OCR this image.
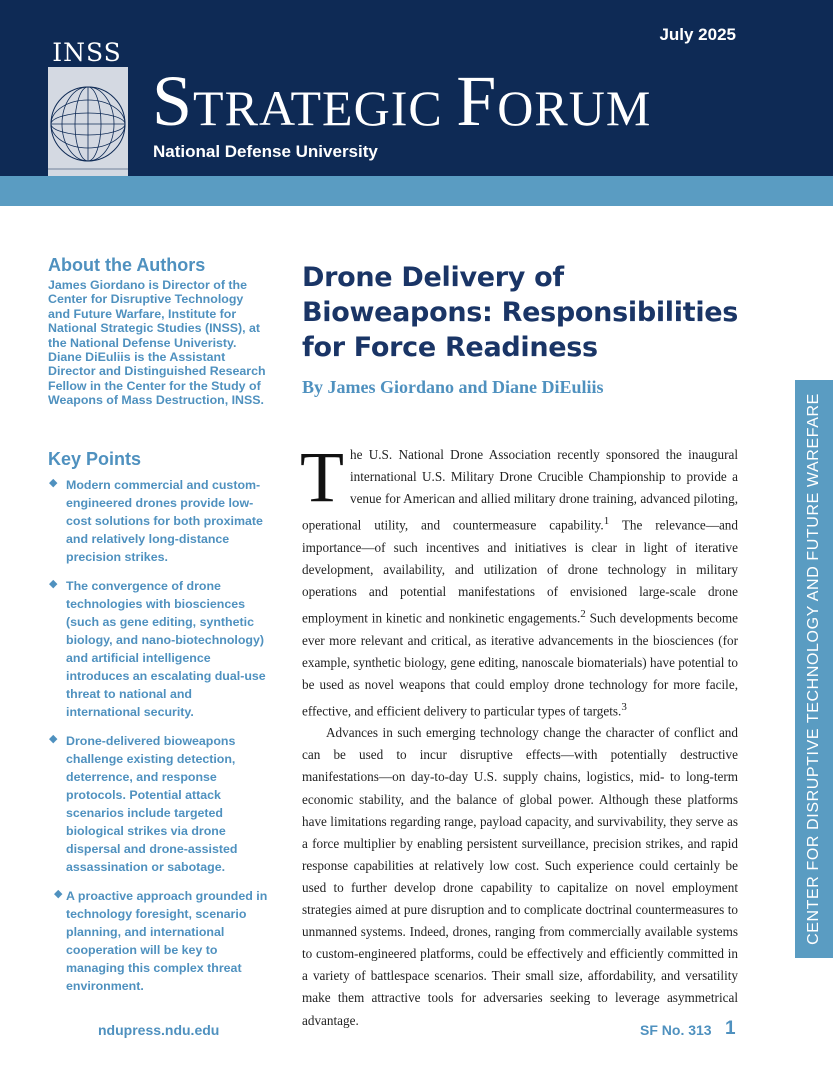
INSS
July 2025
STRATEGIC FORUM
National Defense University
About the Authors

James Giordano is Director of the Center for Disruptive Technology and Future Warfare, Institute for National Strategic Studies (INSS), at the National Defense Univeristy. Diane DiEuliis is the Assistant Director and Distinguished Research Fellow in the Center for the Study of Weapons of Mass Destruction, INSS.

Key Points
◆ Modern commercial and custom-engineered drones provide low-cost solutions for both proximate and relatively long-distance precision strikes.
◆ The convergence of drone technologies with biosciences (such as gene editing, synthetic biology, and nano-biotechnology) and artificial intelligence introduces an escalating dual-use threat to national and international security.
◆ Drone-delivered bioweapons challenge existing detection, deterrence, and response protocols. Potential attack scenarios include targeted biological strikes via drone dispersal and drone-assisted assassination or sabotage.
◆ A proactive approach grounded in technology foresight, scenario planning, and international cooperation will be key to managing this complex threat environment.
Drone Delivery of Bioweapons: Responsibilities for Force Readiness

By James Giordano and Diane DiEuliis

The U.S. National Drone Association recently sponsored the inaugural international U.S. Military Drone Crucible Championship to provide a venue for American and allied military drone training, advanced piloting, operational utility, and countermeasure capability.$^1$ The relevance—and importance—of such incentives and initiatives is clear in light of iterative development, availability, and utilization of drone technology in military operations and potential manifestations of envisioned large-scale drone employment in kinetic and nonkinetic engagements.$^2$ Such developments become ever more relevant and critical, as iterative advancements in the biosciences (for example, synthetic biology, gene editing, nanoscale biomaterials) have potential to be used as novel weapons that could employ drone technology for more facile, effective, and efficient delivery to particular types of targets.$^3$

Advances in such emerging technology change the character of conflict and can be used to incur disruptive effects—with potentially destructive manifestations—on day-to-day U.S. supply chains, logistics, mid- to long-term economic stability, and the balance of global power. Although these platforms have limitations regarding range, payload capacity, and survivability, they serve as a force multiplier by enabling persistent surveillance, precision strikes, and rapid response capabilities at relatively low cost. Such experience could certainly be used to further develop drone capability to capitalize on novel employment strategies aimed at pure disruption and to complicate doctrinal countermeasures to unmanned systems. Indeed, drones, ranging from commercially available systems to custom-engineered platforms, could be effectively and efficiently committed in a variety of battlespace scenarios. Their small size, affordability, and versatility make them attractive tools for adversaries seeking to leverage asymmetrical advantage.

CENTER FOR DISRUPTIVE TECHNOLOGY AND FUTURE WAREFARE
ndupress.ndu.edu	SF No. 313 1
